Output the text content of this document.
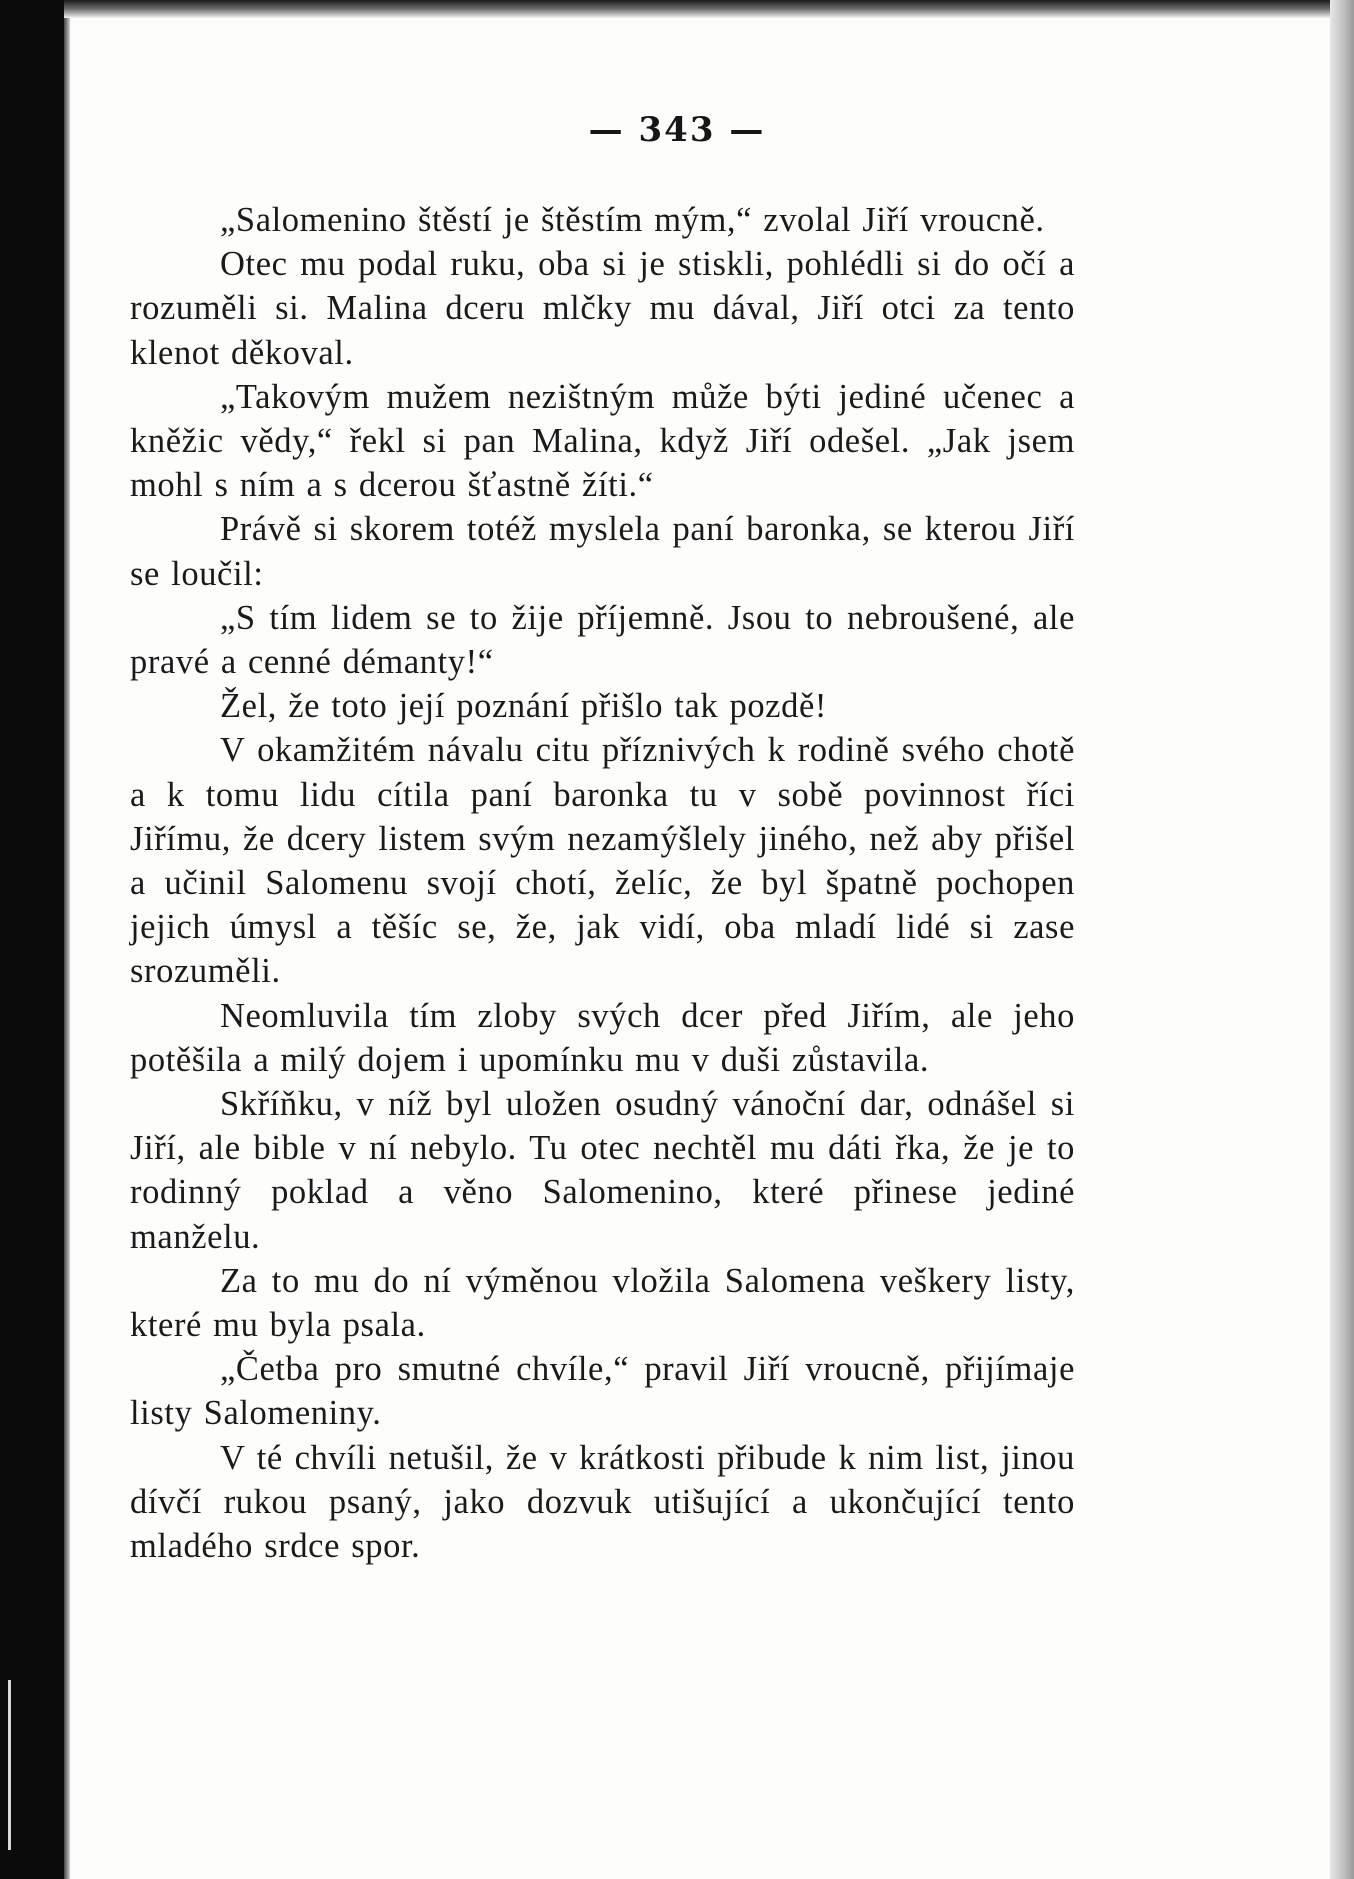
— 343 —

„Salomenino štěstí je štěstím mým,“ zvolal Jiří vroucně.

Otec mu podal ruku, oba si je stiskli, pohlédli si do očí a rozuměli si. Malina dceru mlčky mu dával, Jiří otci za tento klenot děkoval.

„Takovým mužem nezištným může býti jediné učenec a kněžic vědy,“ řekl si pan Malina, když Jiří odešel. „Jak jsem mohl s ním a s dcerou šťastně žíti.“

Právě si skorem totéž myslela paní baronka, se kterou Jiří se loučil:

„S tím lidem se to žije příjemně. Jsou to nebroušené, ale pravé a cenné démanty!“

Žel, že toto její poznání přišlo tak pozdě!

V okamžitém návalu citu příznivých k rodině svého chotě a k tomu lidu cítila paní baronka tu v sobě povinnost říci Jiřímu, že dcery listem svým nezamýšlely jiného, než aby přišel a učinil Salomenu svojí chotí, želíc, že byl špatně pochopen jejich úmysl a těšíc se, že, jak vidí, oba mladí lidé si zase srozuměli.

Neomluvila tím zloby svých dcer před Jiřím, ale jeho potěšila a milý dojem i upomínku mu v duši zůstavila.

Skříňku, v níž byl uložen osudný vánoční dar, odnášel si Jiří, ale bible v ní nebylo. Tu otec nechtěl mu dáti řka, že je to rodinný poklad a věno Salomenino, které přinese jediné manželu.

Za to mu do ní výměnou vložila Salomena veškery listy, které mu byla psala.

„Četba pro smutné chvíle,“ pravil Jiří vroucně, přijímaje listy Salomeniny.

V té chvíli netušil, že v krátkosti přibude k nim list, jinou dívčí rukou psaný, jako dozvuk utišující a ukončující tento mladého srdce spor.
